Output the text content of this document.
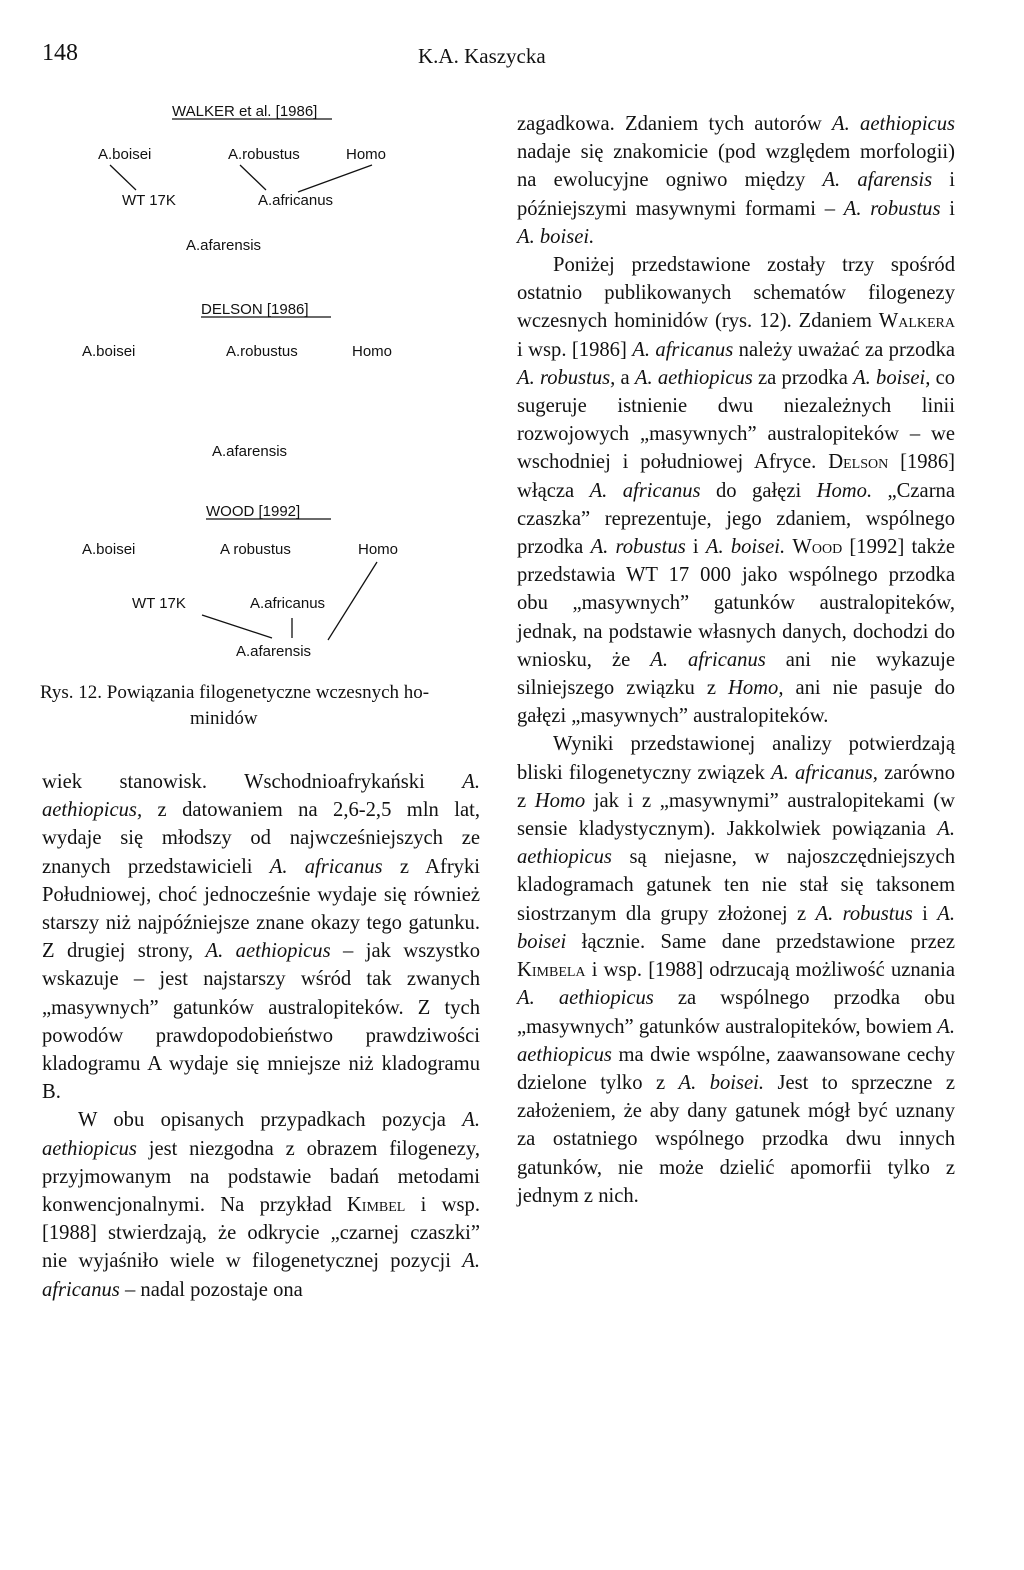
148	K.A. Kaszycka
WALKER et al. [1986]
A.boisei	A.robustus	Homo
WT 17K	A.africanus
A.afarensis
DELSON [1986]
A.boisei	A.robustus	Homo
A.afarensis
WOOD [1992]
A.boisei	A robustus	Homo
WT 17K	A.africanus
A.afarensis
Rys. 12. Powiązania filogenetyczne wczesnych ho-
minidów

wiek stanowisk. Wschodnioafrykański A. aethiopicus, z datowaniem na 2,6-2,5 mln lat, wydaje się młodszy od najwcześniejszych ze znanych przedstawicieli A. africanus z Afryki Południowej, choć jednocześnie wydaje się również starszy niż najpóźniejsze znane okazy tego gatunku. Z drugiej strony, A. aethiopicus – jak wszystko wskazuje – jest najstarszy wśród tak zwanych „masywnych” gatunków australopiteków. Z tych powodów prawdopodobieństwo prawdziwości kladogramu A wydaje się mniejsze niż kladogramu B.

W obu opisanych przypadkach pozycja A. aethiopicus jest niezgodna z obrazem filogenezy, przyjmowanym na podstawie badań metodami konwencjonalnymi. Na przykład Kimbel i wsp. [1988] stwierdzają, że odkrycie „czarnej czaszki” nie wyjaśniło wiele w filogenetycznej pozycji A. africanus – nadal pozostaje ona

zagadkowa. Zdaniem tych autorów A. aethiopicus nadaje się znakomicie (pod względem morfologii) na ewolucyjne ogniwo między A. afarensis i późniejszymi masywnymi formami – A. robustus i A. boisei.

Poniżej przedstawione zostały trzy spośród ostatnio publikowanych schematów filogenezy wczesnych hominidów (rys. 12). Zdaniem Walkera i wsp. [1986] A. africanus należy uważać za przodka A. robustus, a A. aethiopicus za przodka A. boisei, co sugeruje istnienie dwu niezależnych linii rozwojowych „masywnych” australopiteków – we wschodniej i południowej Afryce. Delson [1986] włącza A. africanus do gałęzi Homo. „Czarna czaszka” reprezentuje, jego zdaniem, wspólnego przodka A. robustus i A. boisei. Wood [1992] także przedstawia WT 17 000 jako wspólnego przodka obu „masywnych” gatunków australopiteków, jednak, na podstawie własnych danych, dochodzi do wniosku, że A. africanus ani nie wykazuje silniejszego związku z Homo, ani nie pasuje do gałęzi „masywnych” australopiteków.

Wyniki przedstawionej analizy potwierdzają bliski filogenetyczny związek A. africanus, zarówno z Homo jak i z „masywnymi” australopitekami (w sensie kladystycznym). Jakkolwiek powiązania A. aethiopicus są niejasne, w najoszczędniejszych kladogramach gatunek ten nie stał się taksonem siostrzanym dla grupy złożonej z A. robustus i A. boisei łącznie. Same dane przedstawione przez Kimbela i wsp. [1988] odrzucają możliwość uznania A. aethiopicus za wspólnego przodka obu „masywnych” gatunków australopiteków, bowiem A. aethiopicus ma dwie wspólne, zaawansowane cechy dzielone tylko z A. boisei. Jest to sprzeczne z założeniem, że aby dany gatunek mógł być uznany za ostatniego wspólnego przodka dwu innych gatunków, nie może dzielić apomorfii tylko z jednym z nich.
